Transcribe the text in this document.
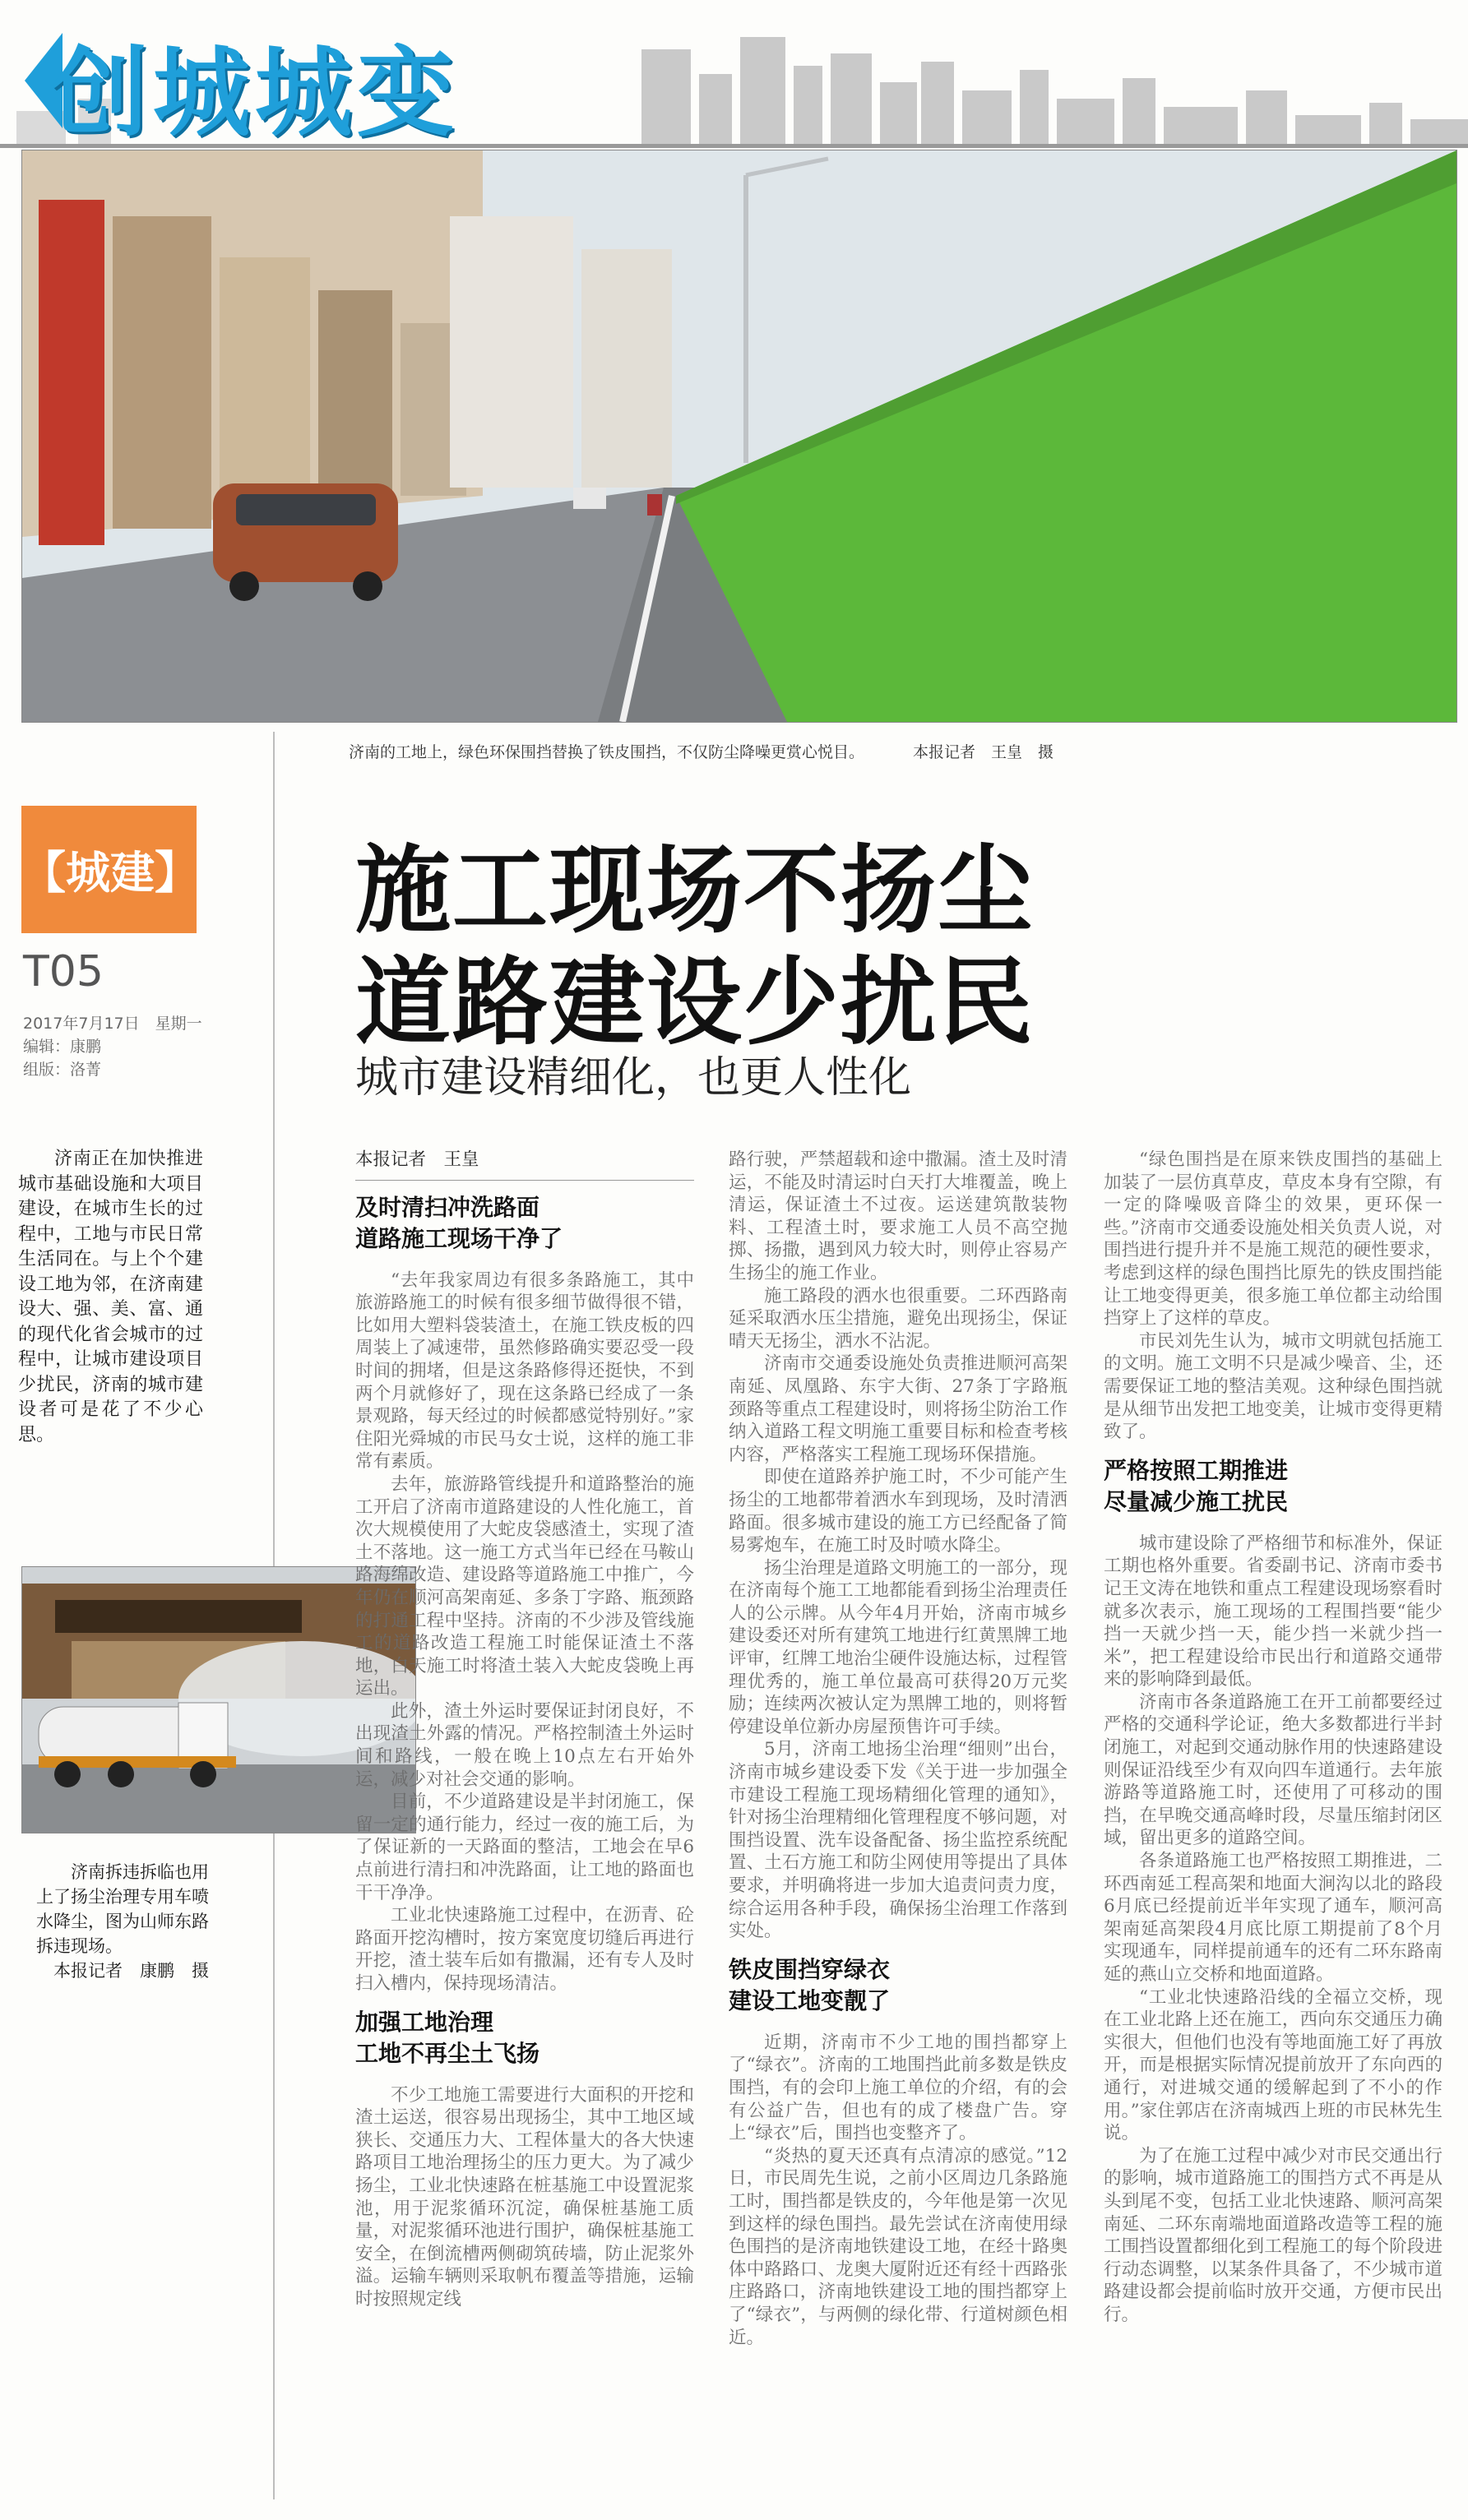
创城城变
济南的工地上，绿色环保围挡替换了铁皮围挡，不仅防尘降噪更赏心悦目。	本报记者　王皇　摄
【城建】
T05
2017年7月17日　星期一
编辑：康鹏
组版：洛菁
济南正在加快推进城市基础设施和大项目建设，在城市生长的过程中，工地与市民日常生活同在。与上个个建设工地为邻，在济南建设大、强、美、富、通的现代化省会城市的过程中，让城市建设项目少扰民，济南的城市建设者可是花了不少心思。
济南拆违拆临也用上了扬尘治理专用车喷水降尘，图为山师东路拆违现场。
本报记者　康鹏　摄
施工现场不扬尘
道路建设少扰民
城市建设精细化，也更人性化

本报记者　王皇

及时清扫冲洗路面
道路施工现场干净了

“去年我家周边有很多条路施工，其中旅游路施工的时候有很多细节做得很不错，比如用大塑料袋装渣土，在施工铁皮板的四周装上了减速带，虽然修路确实要忍受一段时间的拥堵，但是这条路修得还挺快，不到两个月就修好了，现在这条路已经成了一条景观路，每天经过的时候都感觉特别好。”家住阳光舜城的市民马女士说，这样的施工非常有素质。

去年，旅游路管线提升和道路整治的施工开启了济南市道路建设的人性化施工，首次大规模使用了大蛇皮袋感渣土，实现了渣土不落地。这一施工方式当年已经在马鞍山路海绵改造、建设路等道路施工中推广，今年仍在顺河高架南延、多条丁字路、瓶颈路的打通工程中坚持。济南的不少涉及管线施工的道路改造工程施工时能保证渣土不落地，白天施工时将渣土装入大蛇皮袋晚上再运出。

此外，渣土外运时要保证封闭良好，不出现渣土外露的情况。严格控制渣土外运时间和路线，一般在晚上10点左右开始外运，减少对社会交通的影响。

目前，不少道路建设是半封闭施工，保留一定的通行能力，经过一夜的施工后，为了保证新的一天路面的整洁，工地会在早6点前进行清扫和冲洗路面，让工地的路面也干干净净。

工业北快速路施工过程中，在沥青、砼路面开挖沟槽时，按方案宽度切缝后再进行开挖，渣土装车后如有撒漏，还有专人及时扫入槽内，保持现场清洁。

加强工地治理
工地不再尘土飞扬

不少工地施工需要进行大面积的开挖和渣土运送，很容易出现扬尘，其中工地区域狭长、交通压力大、工程体量大的各大快速路项目工地治理扬尘的压力更大。为了减少扬尘，工业北快速路在桩基施工中设置泥浆池，用于泥浆循环沉淀，确保桩基施工质量，对泥浆循环池进行围护，确保桩基施工安全，在倒流槽两侧砌筑砖墙，防止泥浆外溢。运输车辆则采取帆布覆盖等措施，运输时按照规定线

路行驶，严禁超载和途中撒漏。渣土及时清运，不能及时清运时白天打大堆覆盖，晚上清运，保证渣土不过夜。运送建筑散装物料、工程渣土时，要求施工人员不高空抛掷、扬撒，遇到风力较大时，则停止容易产生扬尘的施工作业。

施工路段的洒水也很重要。二环西路南延采取洒水压尘措施，避免出现扬尘，保证晴天无扬尘，洒水不沾泥。

济南市交通委设施处负责推进顺河高架南延、凤凰路、东宇大街、27条丁字路瓶颈路等重点工程建设时，则将扬尘防治工作纳入道路工程文明施工重要目标和检查考核内容，严格落实工程施工现场环保措施。

即使在道路养护施工时，不少可能产生扬尘的工地都带着洒水车到现场，及时清洒路面。很多城市建设的施工方已经配备了简易雾炮车，在施工时及时喷水降尘。

扬尘治理是道路文明施工的一部分，现在济南每个施工工地都能看到扬尘治理责任人的公示牌。从今年4月开始，济南市城乡建设委还对所有建筑工地进行红黄黑牌工地评审，红牌工地治尘硬件设施达标，过程管理优秀的，施工单位最高可获得20万元奖励；连续两次被认定为黑牌工地的，则将暂停建设单位新办房屋预售许可手续。

5月，济南工地扬尘治理“细则”出台，济南市城乡建设委下发《关于进一步加强全市建设工程施工现场精细化管理的通知》，针对扬尘治理精细化管理程度不够问题，对围挡设置、洗车设备配备、扬尘监控系统配置、土石方施工和防尘网使用等提出了具体要求，并明确将进一步加大追责问责力度，综合运用各种手段，确保扬尘治理工作落到实处。

铁皮围挡穿绿衣
建设工地变靓了

近期，济南市不少工地的围挡都穿上了“绿衣”。济南的工地围挡此前多数是铁皮围挡，有的会印上施工单位的介绍，有的会有公益广告，但也有的成了楼盘广告。穿上“绿衣”后，围挡也变整齐了。

“炎热的夏天还真有点清凉的感觉。”12日，市民周先生说，之前小区周边几条路施工时，围挡都是铁皮的，今年他是第一次见到这样的绿色围挡。最先尝试在济南使用绿色围挡的是济南地铁建设工地，在经十路奥体中路路口、龙奥大厦附近还有经十西路张庄路路口，济南地铁建设工地的围挡都穿上了“绿衣”，与两侧的绿化带、行道树颜色相近。

“绿色围挡是在原来铁皮围挡的基础上加装了一层仿真草皮，草皮本身有空隙，有一定的降噪吸音降尘的效果，更环保一些。”济南市交通委设施处相关负责人说，对围挡进行提升并不是施工规范的硬性要求，考虑到这样的绿色围挡比原先的铁皮围挡能让工地变得更美，很多施工单位都主动给围挡穿上了这样的草皮。

市民刘先生认为，城市文明就包括施工的文明。施工文明不只是减少噪音、尘，还需要保证工地的整洁美观。这种绿色围挡就是从细节出发把工地变美，让城市变得更精致了。

严格按照工期推进
尽量减少施工扰民

城市建设除了严格细节和标准外，保证工期也格外重要。省委副书记、济南市委书记王文涛在地铁和重点工程建设现场察看时就多次表示，施工现场的工程围挡要“能少挡一天就少挡一天，能少挡一米就少挡一米”，把工程建设给市民出行和道路交通带来的影响降到最低。

济南市各条道路施工在开工前都要经过严格的交通科学论证，绝大多数都进行半封闭施工，对起到交通动脉作用的快速路建设则保证沿线至少有双向四车道通行。去年旅游路等道路施工时，还使用了可移动的围挡，在早晚交通高峰时段，尽量压缩封闭区域，留出更多的道路空间。

各条道路施工也严格按照工期推进，二环西南延工程高架和地面大涧沟以北的路段6月底已经提前近半年实现了通车，顺河高架南延高架段4月底比原工期提前了8个月实现通车，同样提前通车的还有二环东路南延的燕山立交桥和地面道路。

“工业北快速路沿线的全福立交桥，现在工业北路上还在施工，西向东交通压力确实很大，但他们也没有等地面施工好了再放开，而是根据实际情况提前放开了东向西的通行，对进城交通的缓解起到了不小的作用。”家住郭店在济南城西上班的市民林先生说。

为了在施工过程中减少对市民交通出行的影响，城市道路施工的围挡方式不再是从头到尾不变，包括工业北快速路、顺河高架南延、二环东南端地面道路改造等工程的施工围挡设置都细化到工程施工的每个阶段进行动态调整，以某条件具备了，不少城市道路建设都会提前临时放开交通，方便市民出行。
